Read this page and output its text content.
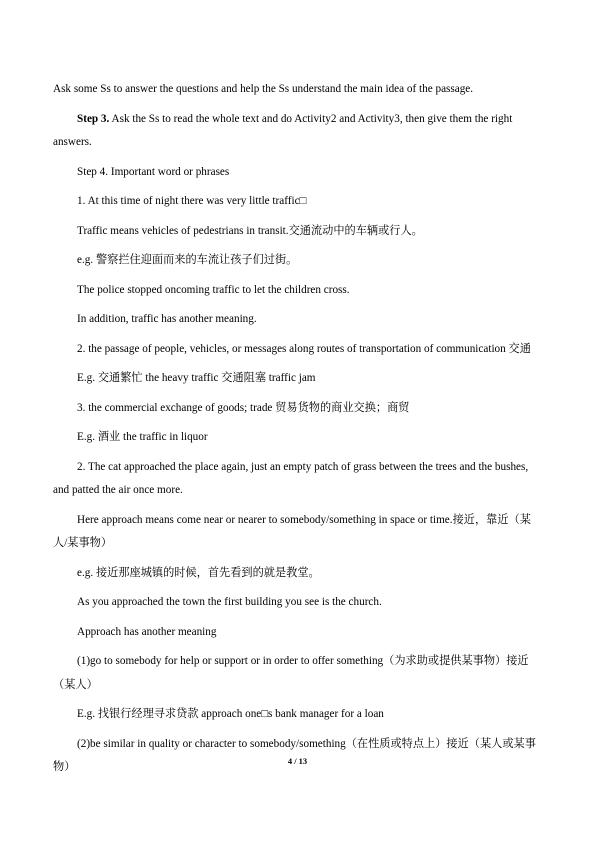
Ask some Ss to answer the questions and help the Ss understand the main idea of the passage.

Step 3. Ask the Ss to read the whole text and do Activity2 and Activity3, then give them the right answers.

Step 4. Important word or phrases

1. At this time of night there was very little traffic□

Traffic means vehicles of pedestrians in transit.交通流动中的车辆或行人。

e.g. 警察拦住迎面而来的车流让孩子们过街。

The police stopped oncoming traffic to let the children cross.

In addition, traffic has another meaning.

2. the passage of people, vehicles, or messages along routes of transportation of communication 交通

E.g. 交通繁忙 the heavy traffic 交通阻塞 traffic jam

3. the commercial exchange of goods; trade 贸易货物的商业交换；商贸

E.g. 酒业 the traffic in liquor

2. The cat approached the place again, just an empty patch of grass between the trees and the bushes, and patted the air once more.

Here approach means come near or nearer to somebody/something in space or time.接近，靠近（某人/某事物）

e.g. 接近那座城镇的时候，首先看到的就是教堂。

As you approached the town the first building you see is the church.

Approach has another meaning

(1)go to somebody for help or support or in order to offer something（为求助或提供某事物）接近（某人）

E.g. 找银行经理寻求贷款 approach one□s bank manager for a loan

(2)be similar in quality or character to somebody/something（在性质或特点上）接近（某人或某事物）	4 / 13
